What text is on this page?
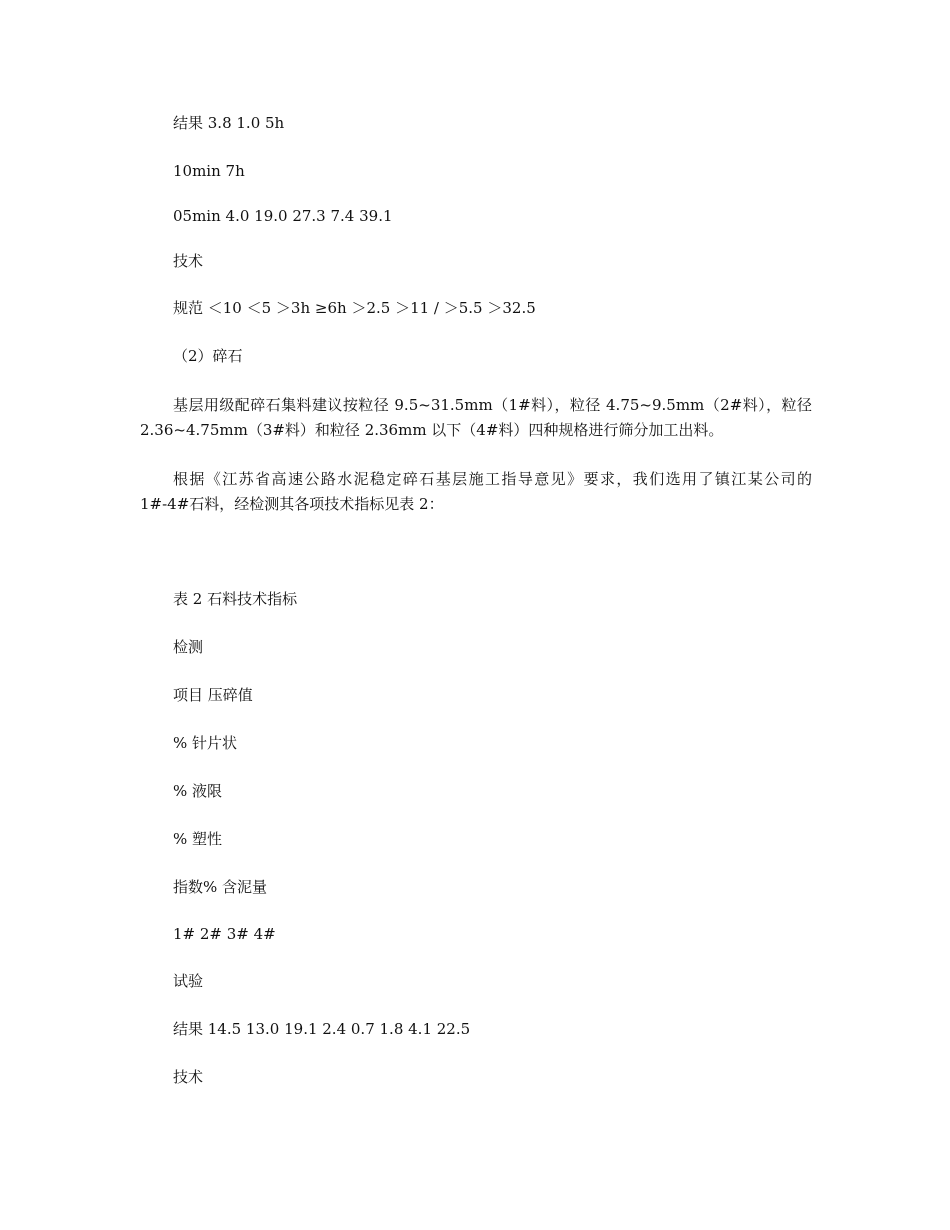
结果 3.8 1.0 5h
10min 7h
05min 4.0 19.0 27.3 7.4 39.1
技术
规范 ＜10 ＜5 ＞3h ≥6h ＞2.5 ＞11 / ＞5.5 ＞32.5
（2）碎石
基层用级配碎石集料建议按粒径 9.5~31.5mm（1#料），粒径 4.75~9.5mm（2#料），粒径 2.36~4.75mm（3#料）和粒径 2.36mm 以下（4#料）四种规格进行筛分加工出料。
根据《江苏省高速公路水泥稳定碎石基层施工指导意见》要求，我们选用了镇江某公司的 1#-4#石料，经检测其各项技术指标见表 2：
表 2 石料技术指标
检测
项目 压碎值
% 针片状
% 液限
% 塑性
指数% 含泥量
1# 2# 3# 4#
试验
结果 14.5 13.0 19.1 2.4 0.7 1.8 4.1 22.5
技术
